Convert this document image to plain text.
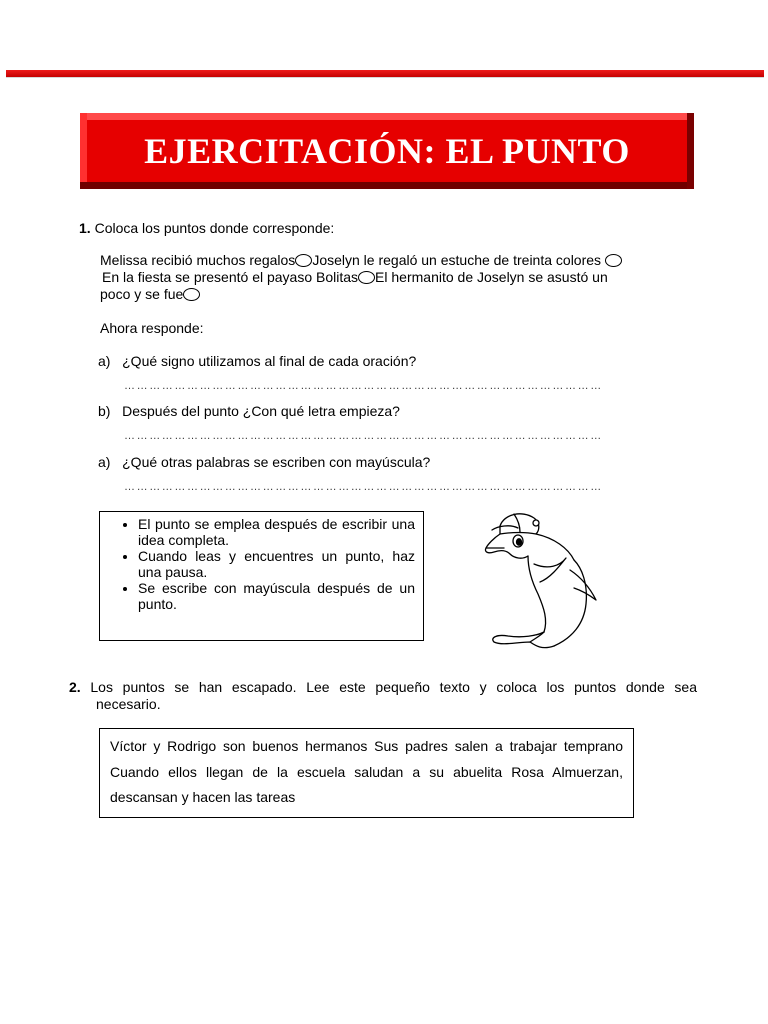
EJERCITACIÓN: EL PUNTO
1. Coloca los puntos donde corresponde:
Melissa recibió muchos regalos Joselyn le regaló un estuche de treinta colores
En la fiesta se presentó el payaso Bolitas El hermanito de Joselyn se asustó un
poco y se fue
Ahora responde:
a) ¿Qué signo utilizamos al final de cada oración?
……………………………………………………………………………………………………
b) Después del punto ¿Con qué letra empieza?
……………………………………………………………………………………………………
a) ¿Qué otras palabras se escriben con mayúscula?
……………………………………………………………………………………………………
• El punto se emplea después de escribir una idea completa.
• Cuando leas y encuentres un punto, haz una pausa.
• Se escribe con mayúscula después de un punto.
2. Los puntos se han escapado. Lee este pequeño texto y coloca los puntos donde sea
necesario.
Víctor y Rodrigo son buenos hermanos Sus padres salen a trabajar temprano Cuando ellos llegan de la escuela saludan a su abuelita Rosa Almuerzan, descansan y hacen las tareas
